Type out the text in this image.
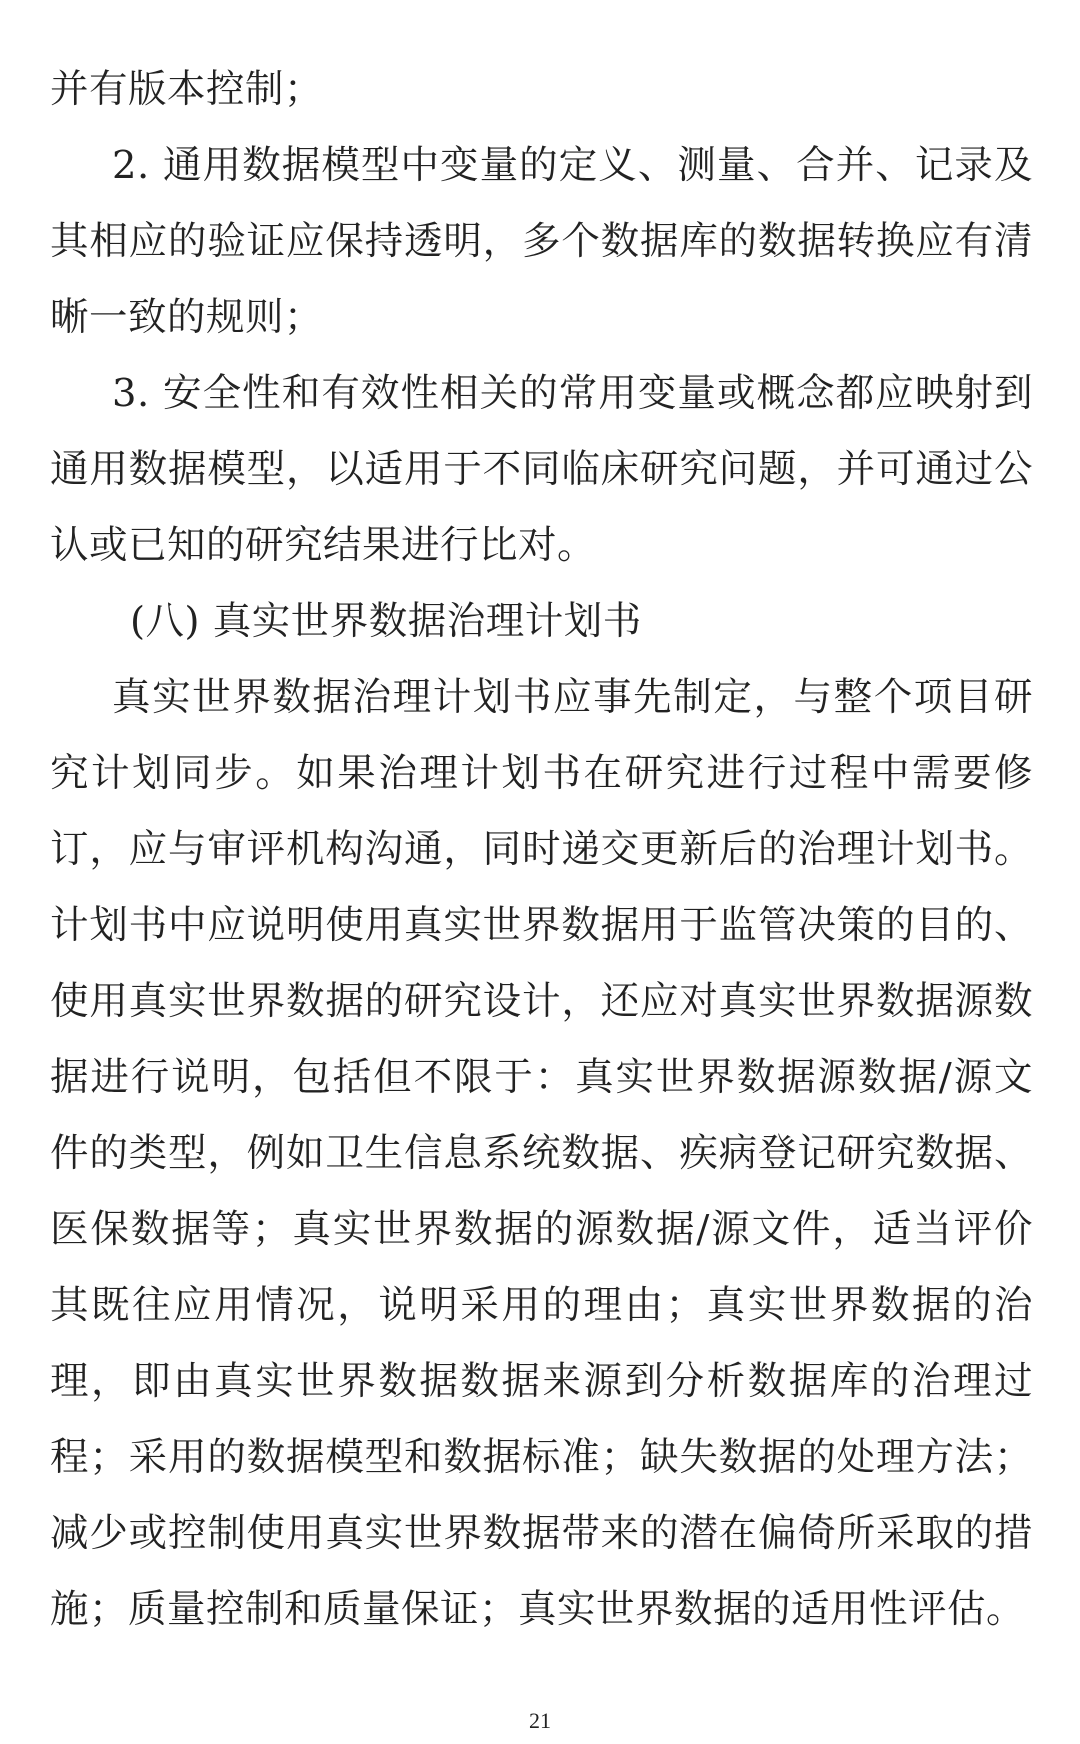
并有版本控制；

2. 通用数据模型中变量的定义、测量、合并、记录及其相应的验证应保持透明，多个数据库的数据转换应有清晰一致的规则；

3. 安全性和有效性相关的常用变量或概念都应映射到通用数据模型，以适用于不同临床研究问题，并可通过公认或已知的研究结果进行比对。

(八) 真实世界数据治理计划书

真实世界数据治理计划书应事先制定，与整个项目研究计划同步。如果治理计划书在研究进行过程中需要修订，应与审评机构沟通，同时递交更新后的治理计划书。计划书中应说明使用真实世界数据用于监管决策的目的、使用真实世界数据的研究设计，还应对真实世界数据源数据进行说明，包括但不限于：真实世界数据源数据/源文件的类型，例如卫生信息系统数据、疾病登记研究数据、医保数据等；真实世界数据的源数据/源文件，适当评价其既往应用情况，说明采用的理由；真实世界数据的治理，即由真实世界数据数据来源到分析数据库的治理过程；采用的数据模型和数据标准；缺失数据的处理方法；减少或控制使用真实世界数据带来的潜在偏倚所采取的措施；质量控制和质量保证；真实世界数据的适用性评估。

21
